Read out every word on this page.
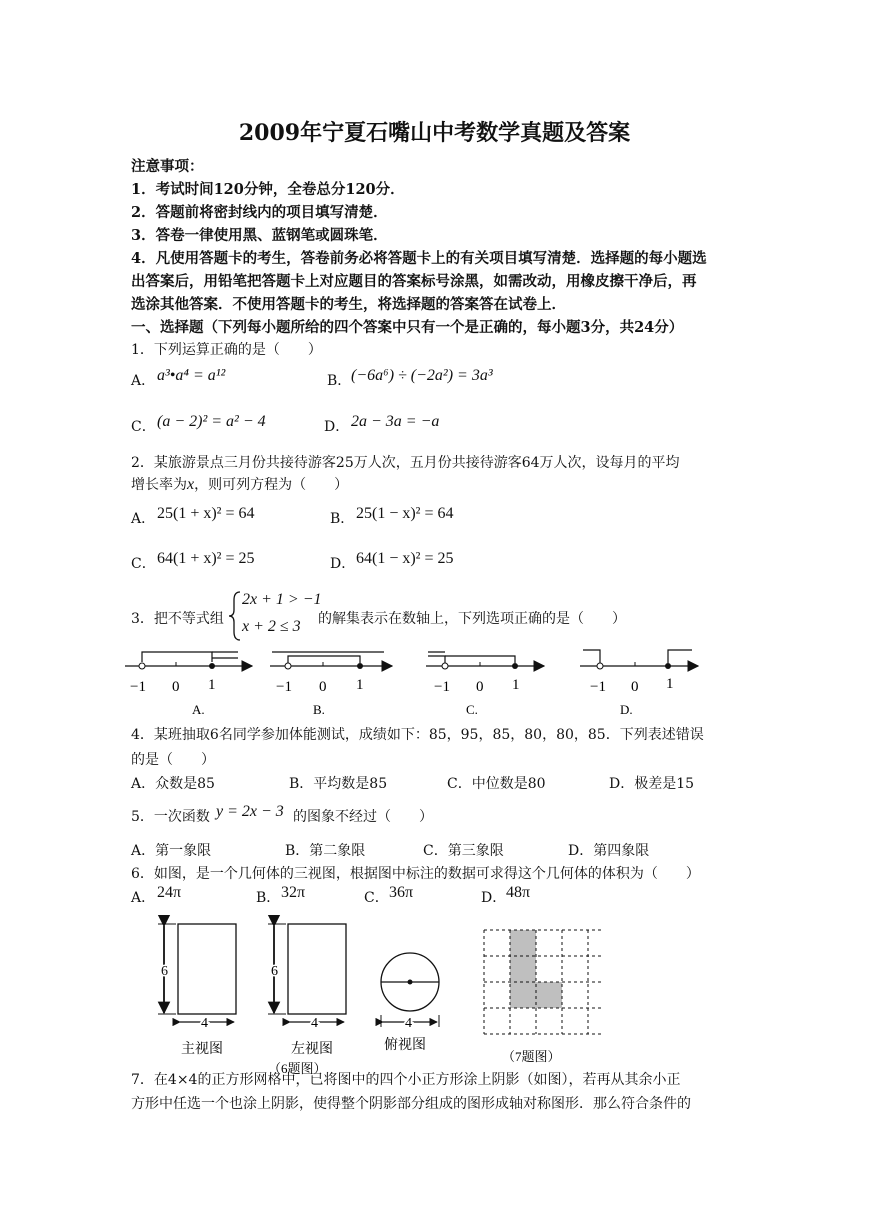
2009年宁夏石嘴山中考数学真题及答案
注意事项：
1．考试时间120分钟，全卷总分120分．
2．答题前将密封线内的项目填写清楚．
3．答卷一律使用黑、蓝钢笔或圆珠笔．
4．凡使用答题卡的考生，答卷前务必将答题卡上的有关项目填写清楚．选择题的每小题选
出答案后，用铅笔把答题卡上对应题目的答案标号涂黑，如需改动，用橡皮擦干净后，再
选涂其他答案．不使用答题卡的考生，将选择题的答案答在试卷上．
一、选择题（下列每小题所给的四个答案中只有一个是正确的，每小题3分，共24分）
1．下列运算正确的是（　　）
A． a³•a⁴ = a¹²	B． (−6a⁶) ÷ (−2a²) = 3a³
C． (a − 2)² = a² − 4	D． 2a − 3a = −a
2．某旅游景点三月份共接待游客25万人次，五月份共接待游客64万人次，设每月的平均
增长率为x，则可列方程为（　　）
A． 25(1 + x)² = 64	B． 25(1 − x)² = 64
C． 64(1 + x)² = 25	D． 64(1 − x)² = 25
3．把不等式组
2x + 1 > −1
x + 2 ≤ 3 的解集表示在数轴上，下列选项正确的是（　　）
−1 0 1
A.
−1 0 1
B.
−1 0 1
C.
−1 0 1
D.
4．某班抽取6名同学参加体能测试，成绩如下：85，95，85，80，80，85．下列表述错误
的是（　　）
A．众数是85	B．平均数是85	C．中位数是80	D．极差是15
5．一次函数 y = 2x − 3 的图象不经过（　　）
A．第一象限	B．第二象限	C．第三象限	D．第四象限
6．如图，是一个几何体的三视图，根据图中标注的数据可求得这个几何体的体积为（　　）
A． 24π	B． 32π	C． 36π	D． 48π
6
4
主视图
6
4
左视图
（6题图）
4
俯视图
（7题图）
7．在4×4的正方形网格中，已将图中的四个小正方形涂上阴影（如图），若再从其余小正
方形中任选一个也涂上阴影，使得整个阴影部分组成的图形成轴对称图形．那么符合条件的
